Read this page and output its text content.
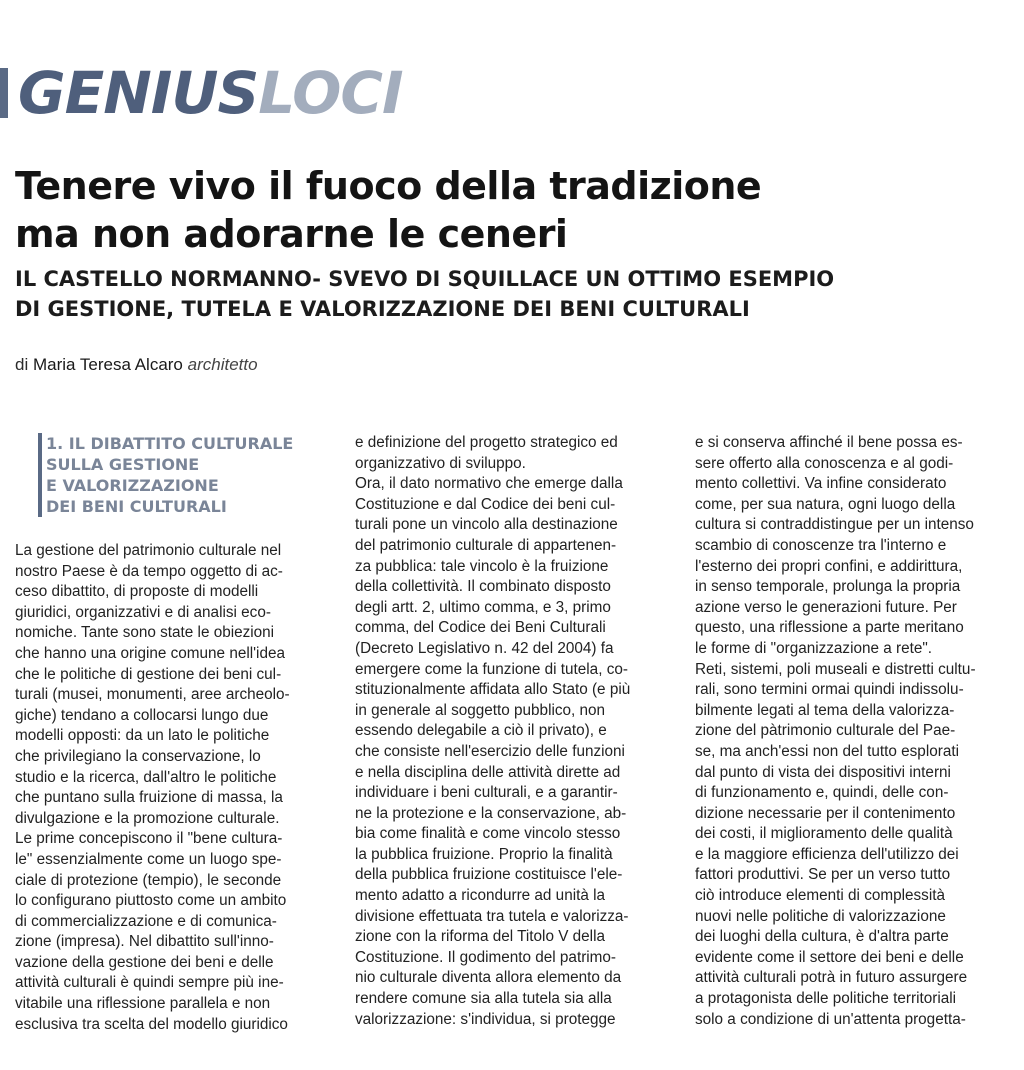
GENIUS LOCI
Tenere vivo il fuoco della tradizione
ma non adorarne le ceneri
IL CASTELLO NORMANNO- SVEVO DI SQUILLACE UN OTTIMO ESEMPIO
DI GESTIONE, TUTELA E VALORIZZAZIONE DEI BENI CULTURALI
di Maria Teresa Alcaro architetto
1. IL DIBATTITO CULTURALE
SULLA GESTIONE
E VALORIZZAZIONE
DEI BENI CULTURALI
La gestione del patrimonio culturale nel
nostro Paese è da tempo oggetto di ac-
ceso dibattito, di proposte di modelli
giuridici, organizzativi e di analisi eco-
nomiche. Tante sono state le obiezioni
che hanno una origine comune nell'idea
che le politiche di gestione dei beni cul-
turali (musei, monumenti, aree archeolo-
giche) tendano a collocarsi lungo due
modelli opposti: da un lato le politiche
che privilegiano la conservazione, lo
studio e la ricerca, dall'altro le politiche
che puntano sulla fruizione di massa, la
divulgazione e la promozione culturale.
Le prime concepiscono il "bene cultura-
le" essenzialmente come un luogo spe-
ciale di protezione (tempio), le seconde
lo configurano piuttosto come un ambito
di commercializzazione e di comunica-
zione (impresa). Nel dibattito sull'inno-
vazione della gestione dei beni e delle
attività culturali è quindi sempre più ine-
vitabile una riflessione parallela e non
esclusiva tra scelta del modello giuridico
e definizione del progetto strategico ed
organizzativo di sviluppo.
Ora, il dato normativo che emerge dalla
Costituzione e dal Codice dei beni cul-
turali pone un vincolo alla destinazione
del patrimonio culturale di appartenen-
za pubblica: tale vincolo è la fruizione
della collettività. Il combinato disposto
degli artt. 2, ultimo comma, e 3, primo
comma, del Codice dei Beni Culturali
(Decreto Legislativo n. 42 del 2004) fa
emergere come la funzione di tutela, co-
stituzionalmente affidata allo Stato (e più
in generale al soggetto pubblico, non
essendo delegabile a ciò il privato), e
che consiste nell'esercizio delle funzioni
e nella disciplina delle attività dirette ad
individuare i beni culturali, e a garantir-
ne la protezione e la conservazione, ab-
bia come finalità e come vincolo stesso
la pubblica fruizione. Proprio la finalità
della pubblica fruizione costituisce l'ele-
mento adatto a ricondurre ad unità la
divisione effettuata tra tutela e valorizza-
zione con la riforma del Titolo V della
Costituzione. Il godimento del patrimo-
nio culturale diventa allora elemento da
rendere comune sia alla tutela sia alla
valorizzazione: s'individua, si protegge
e si conserva affinché il bene possa es-
sere offerto alla conoscenza e al godi-
mento collettivi. Va infine considerato
come, per sua natura, ogni luogo della
cultura si contraddistingue per un intenso
scambio di conoscenze tra l'interno e
l'esterno dei propri confini, e addirittura,
in senso temporale, prolunga la propria
azione verso le generazioni future. Per
questo, una riflessione a parte meritano
le forme di "organizzazione a rete".
Reti, sistemi, poli museali e distretti cultu-
rali, sono termini ormai quindi indissolu-
bilmente legati al tema della valorizza-
zione del pàtrimonio culturale del Pae-
se, ma anch'essi non del tutto esplorati
dal punto di vista dei dispositivi interni
di funzionamento e, quindi, delle con-
dizione necessarie per il contenimento
dei costi, il miglioramento delle qualità
e la maggiore efficienza dell'utilizzo dei
fattori produttivi. Se per un verso tutto
ciò introduce elementi di complessità
nuovi nelle politiche di valorizzazione
dei luoghi della cultura, è d'altra parte
evidente come il settore dei beni e delle
attività culturali potrà in futuro assurgere
a protagonista delle politiche territoriali
solo a condizione di un'attenta progetta-
